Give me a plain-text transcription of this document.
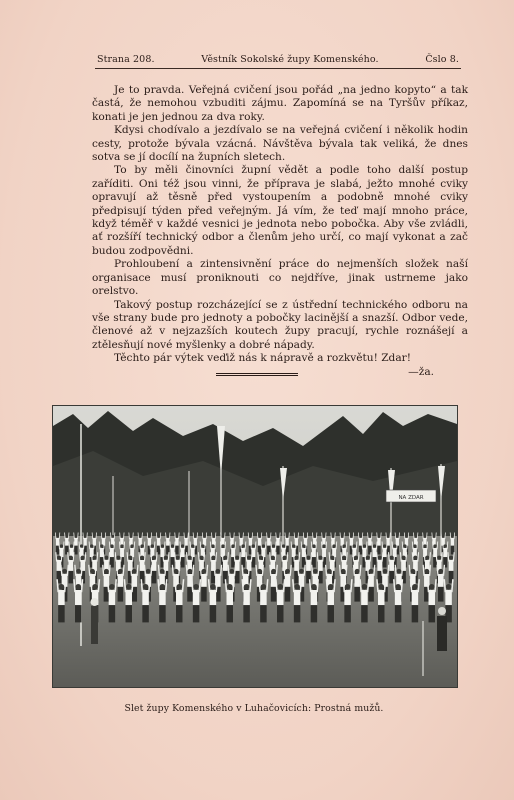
Strana 208.	Věstník Sokolské župy Komenského.	Čslo 8.

Je to pravda. Veřejná cvičení jsou pořád „na jedno kopyto“ a tak častá, že nemohou vzbuditi zájmu. Zapomíná se na Tyršův příkaz, konati je jen jednou za dva roky.

Kdysi chodívalo a jezdívalo se na veřejná cvičení i několik hodin cesty, protože bývala vzácná. Návštěva bývala tak veliká, že dnes sotva se jí docílí na župních sletech.

To by měli činovníci župní vědět a podle toho další postup zaříditi. Oni též jsou vinni, že příprava je slabá, ježto mnohé cviky opravují až těsně před vystoupením a podobně mnohé cviky předpisují týden před veřejným. Já vím, že teď mají mnoho práce, když téměř v každé vesnici je jednota nebo pobočka. Aby vše zvládli, ať rozšíří technický odbor a členům jeho určí, co mají vykonat a zač budou zodpovědni.

Prohloubení a zintensivnění práce do nejmenších složek naší organisace musí proniknouti co nejdříve, jinak ustrneme jako orelstvo.

Takový postup rozcházející se z ústřední technického odboru na vše strany bude pro jednoty a pobočky lacinější a snazší. Odbor vede, členové až v nejzazších koutech župy pracují, rychle roznášejí a ztělesňují nové myšlenky a dobré nápady.

Těchto pár výtek veďiž nás k nápravě a rozkvětu! Zdar!

—ža.
NA ZDAR
Slet župy Komenského v Luhačovicích: Prostná mužů.
